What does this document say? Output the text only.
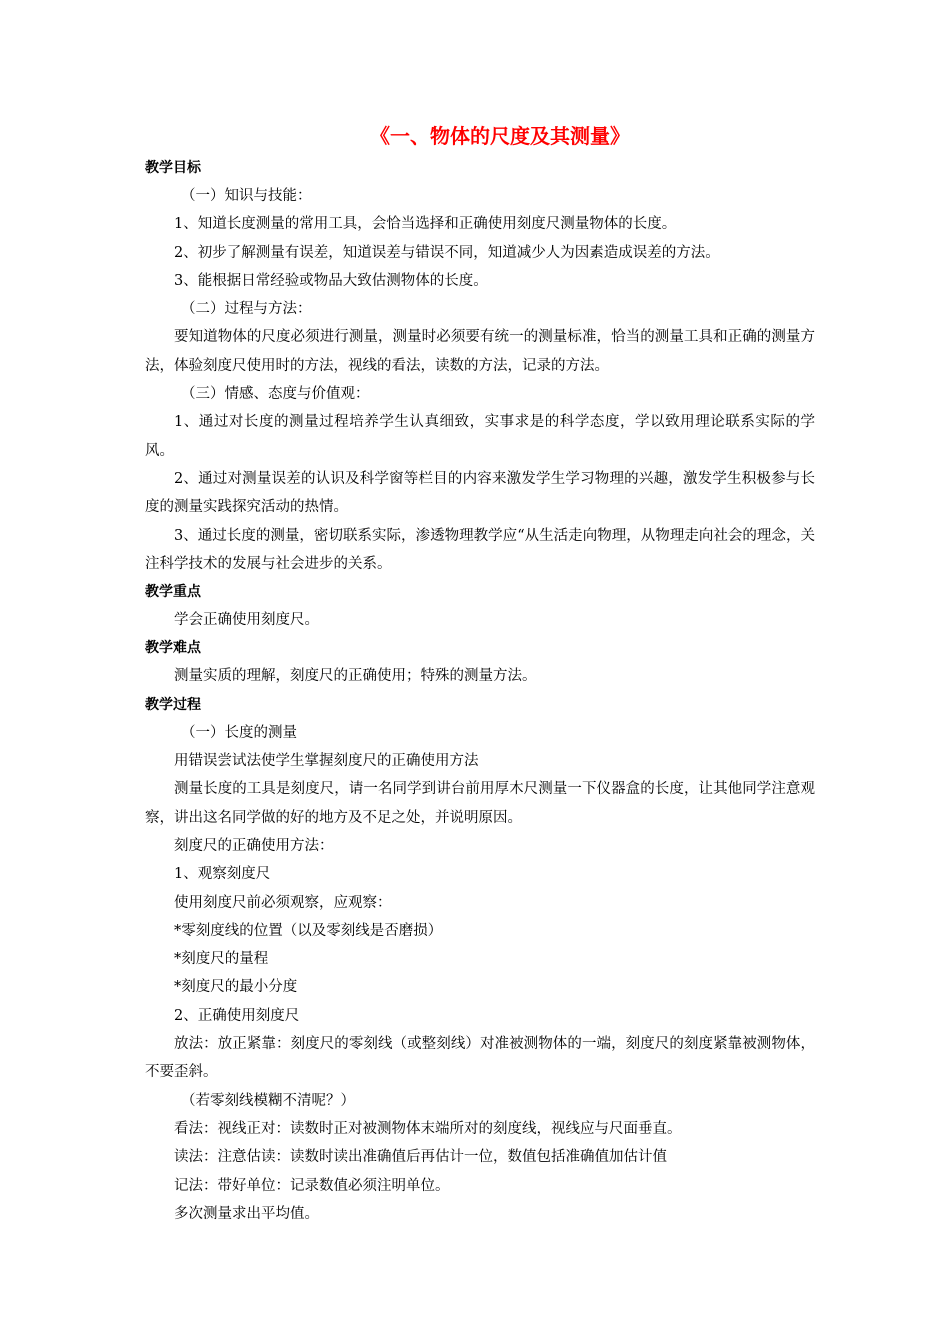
《一、物体的尺度及其测量》
教学目标

（一）知识与技能：

1、知道长度测量的常用工具，会恰当选择和正确使用刻度尺测量物体的长度。

2、初步了解测量有误差，知道误差与错误不同，知道减少人为因素造成误差的方法。

3、能根据日常经验或物品大致估测物体的长度。

（二）过程与方法：

要知道物体的尺度必须进行测量，测量时必须要有统一的测量标准，恰当的测量工具和正确的测量方法，体验刻度尺使用时的方法，视线的看法，读数的方法，记录的方法。

（三）情感、态度与价值观：

1、通过对长度的测量过程培养学生认真细致，实事求是的科学态度，学以致用理论联系实际的学风。

2、通过对测量误差的认识及科学窗等栏目的内容来激发学生学习物理的兴趣，激发学生积极参与长度的测量实践探究活动的热情。

3、通过长度的测量，密切联系实际，渗透物理教学应“从生活走向物理，从物理走向社会的理念，关注科学技术的发展与社会进步的关系。

教学重点

学会正确使用刻度尺。

教学难点

测量实质的理解，刻度尺的正确使用；特殊的测量方法。

教学过程

（一）长度的测量

用错误尝试法使学生掌握刻度尺的正确使用方法

测量长度的工具是刻度尺，请一名同学到讲台前用厚木尺测量一下仪器盒的长度，让其他同学注意观察，讲出这名同学做的好的地方及不足之处，并说明原因。

刻度尺的正确使用方法：

1、观察刻度尺

使用刻度尺前必须观察，应观察：

*零刻度线的位置（以及零刻线是否磨损）

*刻度尺的量程

*刻度尺的最小分度

2、正确使用刻度尺

放法：放正紧靠：刻度尺的零刻线（或整刻线）对准被测物体的一端，刻度尺的刻度紧靠被测物体，不要歪斜。

（若零刻线模糊不清呢？）

看法：视线正对：读数时正对被测物体末端所对的刻度线，视线应与尺面垂直。

读法：注意估读：读数时读出准确值后再估计一位，数值包括准确值加估计值

记法：带好单位：记录数值必须注明单位。

多次测量求出平均值。
